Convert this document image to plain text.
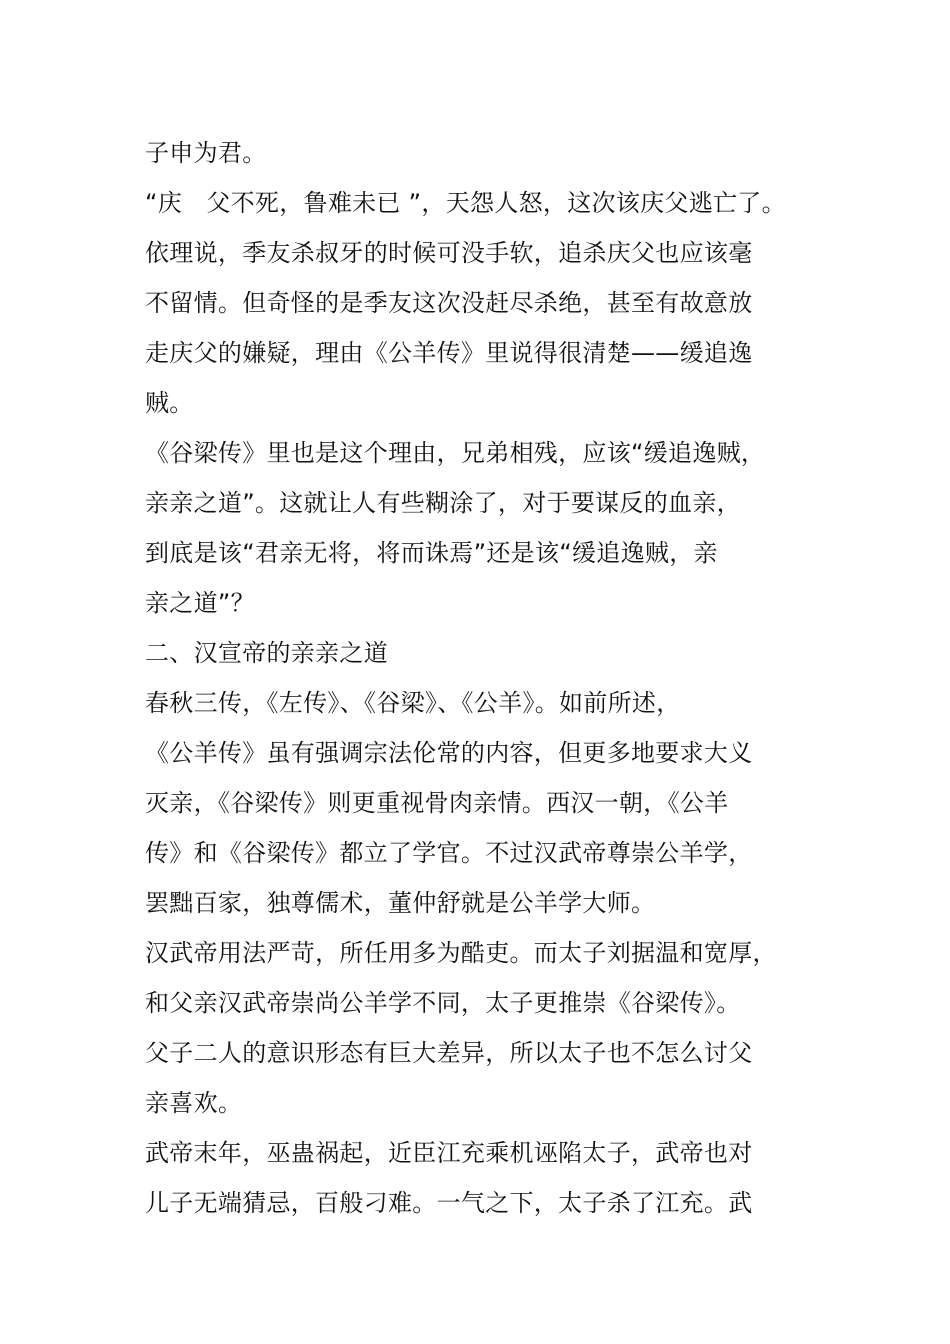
子申为君。
“庆　父不死，鲁难未已 ”，天怨人怒，这次该庆父逃亡了。
依理说，季友杀叔牙的时候可没手软，追杀庆父也应该毫
不留情。但奇怪的是季友这次没赶尽杀绝，甚至有故意放
走庆父的嫌疑，理由《公羊传》里说得很清楚——缓追逸
贼。
《谷梁传》里也是这个理由，兄弟相残，应该“缓追逸贼，
亲亲之道”。这就让人有些糊涂了，对于要谋反的血亲，
到底是该“君亲无将，将而诛焉”还是该“缓追逸贼，亲
亲之道”？
二、汉宣帝的亲亲之道
春秋三传，《左传》、《谷梁》、《公羊》。如前所述，
《公羊传》虽有强调宗法伦常的内容，但更多地要求大义
灭亲，《谷梁传》则更重视骨肉亲情。西汉一朝，《公羊
传》和《谷梁传》都立了学官。不过汉武帝尊崇公羊学，
罢黜百家，独尊儒术，董仲舒就是公羊学大师。
汉武帝用法严苛，所任用多为酷吏。而太子刘据温和宽厚，
和父亲汉武帝崇尚公羊学不同，太子更推崇《谷梁传》。
父子二人的意识形态有巨大差异，所以太子也不怎么讨父
亲喜欢。
武帝末年，巫蛊祸起，近臣江充乘机诬陷太子，武帝也对
儿子无端猜忌，百般刁难。一气之下，太子杀了江充。武
